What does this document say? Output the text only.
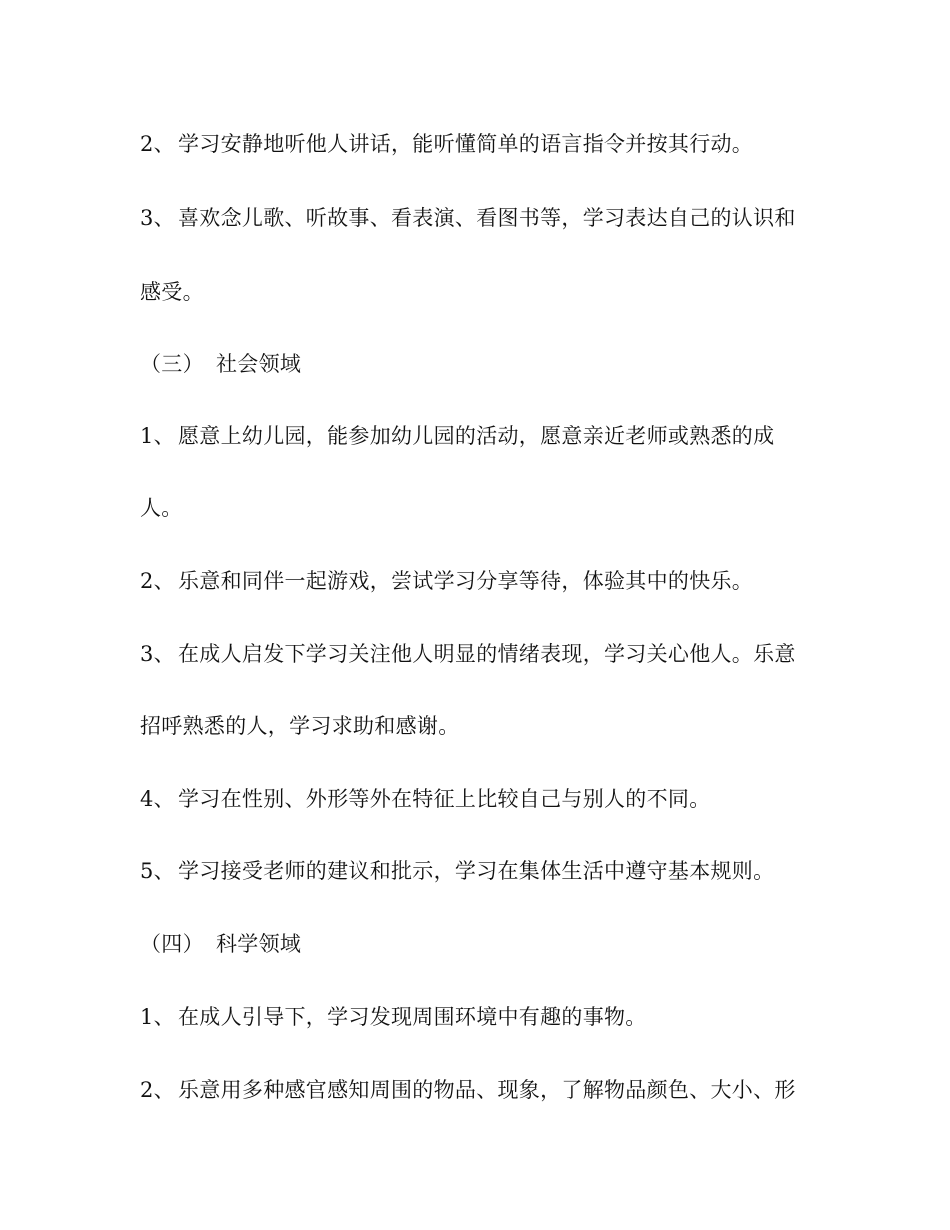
2、 学习安静地听他人讲话，能听懂简单的语言指令并按其行动。
3、 喜欢念儿歌、听故事、看表演、看图书等，学习表达自己的认识和
感受。
（三） 社会领域
1、 愿意上幼儿园，能参加幼儿园的活动，愿意亲近老师或熟悉的成
人。
2、 乐意和同伴一起游戏，尝试学习分享等待，体验其中的快乐。
3、 在成人启发下学习关注他人明显的情绪表现，学习关心他人。乐意
招呼熟悉的人，学习求助和感谢。
4、 学习在性别、外形等外在特征上比较自己与别人的不同。
5、 学习接受老师的建议和批示，学习在集体生活中遵守基本规则。
（四） 科学领域
1、 在成人引导下，学习发现周围环境中有趣的事物。
2、 乐意用多种感官感知周围的物品、现象，了解物品颜色、大小、形
